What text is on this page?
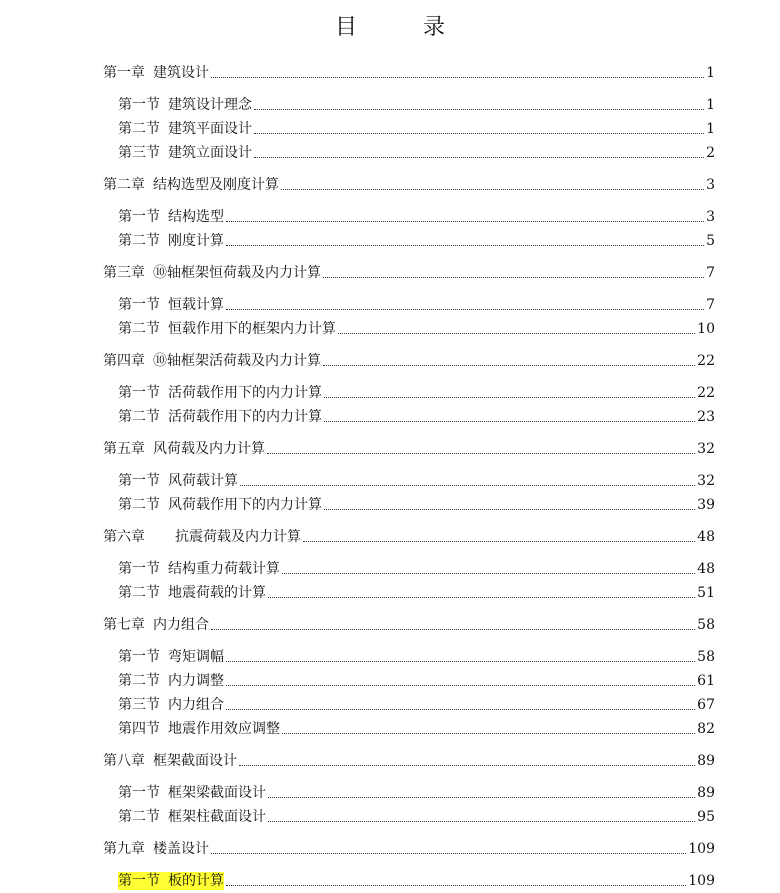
目　录
第一章 建筑设计	1
第一节 建筑设计理念	1
第二节 建筑平面设计	1
第三节 建筑立面设计	2
第二章 结构选型及刚度计算	3
第一节 结构选型	3
第二节 刚度计算	5
第三章 ⑩轴框架恒荷载及内力计算	7
第一节 恒载计算	7
第二节 恒载作用下的框架内力计算	10
第四章 ⑩轴框架活荷载及内力计算	22
第一节 活荷载作用下的内力计算	22
第二节 活荷载作用下的内力计算	23
第五章 风荷载及内力计算	32
第一节 风荷载计算	32
第二节 风荷载作用下的内力计算	39
第六章 抗震荷载及内力计算	48
第一节 结构重力荷载计算	48
第二节 地震荷载的计算	51
第七章 内力组合	58
第一节 弯矩调幅	58
第二节 内力调整	61
第三节 内力组合	67
第四节 地震作用效应调整	82
第八章 框架截面设计	89
第一节 框架梁截面设计	89
第二节 框架柱截面设计	95
第九章 楼盖设计	109
第一节 板的计算	109
